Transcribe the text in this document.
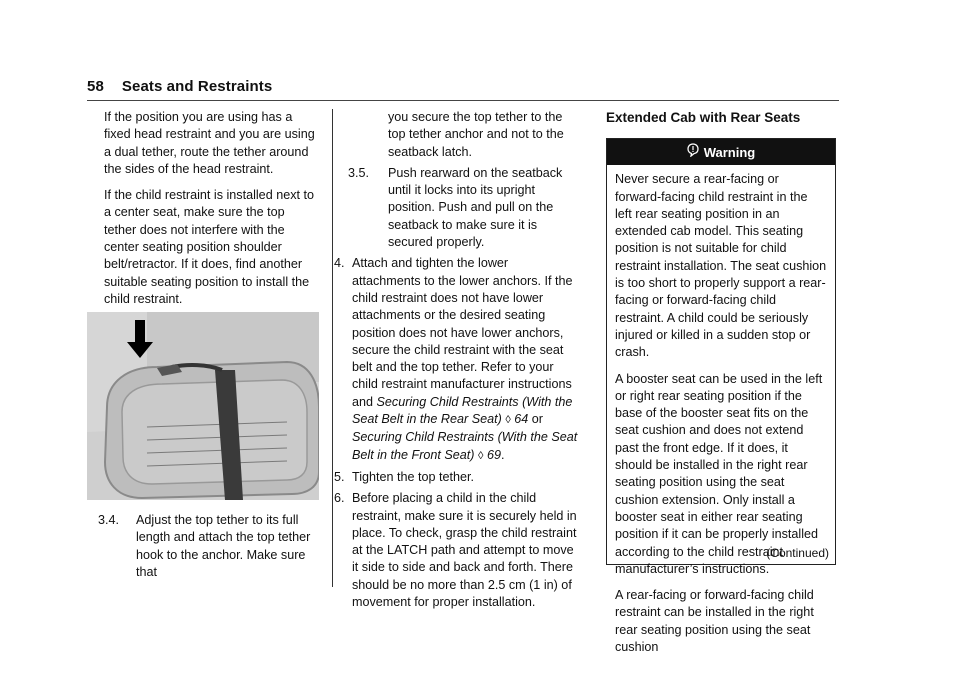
58 Seats and Restraints

If the position you are using has a fixed head restraint and you are using a dual tether, route the tether around the sides of the head restraint.

If the child restraint is installed next to a center seat, make sure the top tether does not interfere with the center seating position shoulder belt/retractor. If it does, find another suitable seating position to install the child restraint.

3.4.	Adjust the top tether to its full length and attach the top tether hook to the anchor. Make sure that
you secure the top tether to the top tether anchor and not to the seatback latch.
3.5.	Push rearward on the seatback until it locks into its upright position. Push and pull on the seatback to make sure it is secured properly.
4. Attach and tighten the lower attachments to the lower anchors. If the child restraint does not have lower attachments or the desired seating position does not have lower anchors, secure the child restraint with the seat belt and the top tether. Refer to your child restraint manufacturer instructions and Securing Child Restraints (With the Seat Belt in the Rear Seat) ◊ 64 or Securing Child Restraints (With the Seat Belt in the Front Seat) ◊ 69.
5. Tighten the top tether.
6. Before placing a child in the child restraint, make sure it is securely held in place. To check, grasp the child restraint at the LATCH path and attempt to move it side to side and back and forth. There should be no more than 2.5 cm (1 in) of movement for proper installation.
Extended Cab with Rear Seats
Warning

Never secure a rear-facing or forward-facing child restraint in the left rear seating position in an extended cab model. This seating position is not suitable for child restraint installation. The seat cushion is too short to properly support a rear-facing or forward-facing child restraint. A child could be seriously injured or killed in a sudden stop or crash.

A booster seat can be used in the left or right rear seating position if the base of the booster seat fits on the seat cushion and does not extend past the front edge. If it does, it should be installed in the right rear seating position using the seat cushion extension. Only install a booster seat in either rear seating position if it can be properly installed according to the child restraint manufacturer’s instructions.

A rear-facing or forward-facing child restraint can be installed in the right rear seating position using the seat cushion

(Continued)
